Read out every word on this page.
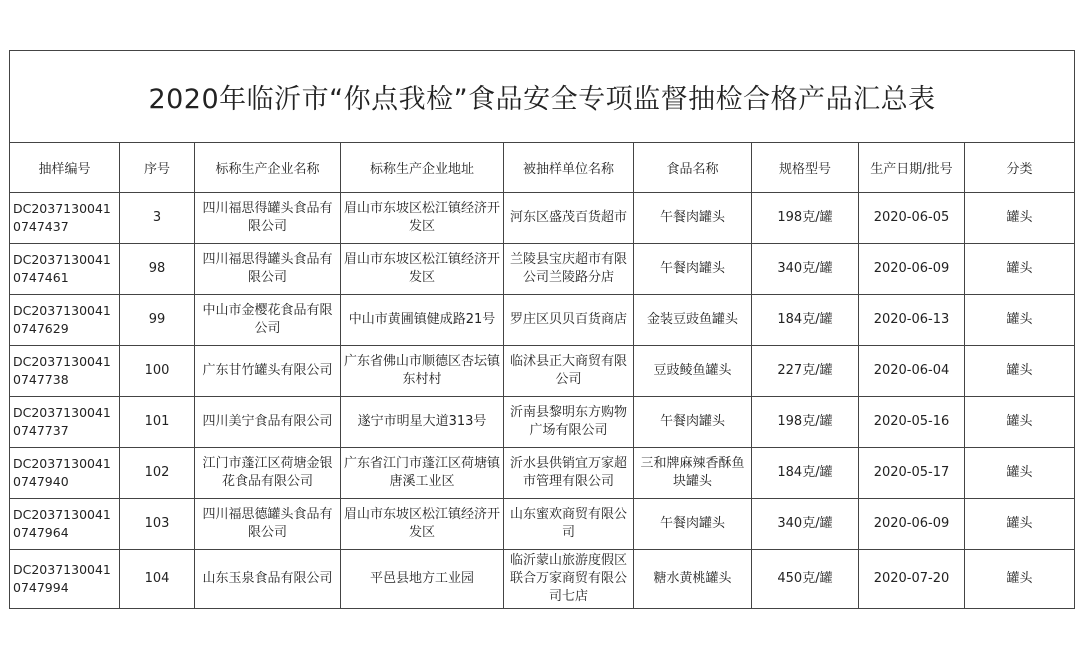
2020年临沂市“你点我检”食品安全专项监督抽检合格产品汇总表								
抽样编号	序号	标称生产企业名称	标称生产企业地址	被抽样单位名称	食品名称	规格型号	生产日期/批号	分类
DC20371300410747437	3	四川福思得罐头食品有限公司	眉山市东坡区松江镇经济开发区	河东区盛茂百货超市	午餐肉罐头	198克/罐	2020-06-05	罐头
DC20371300410747461	98	四川福思得罐头食品有限公司	眉山市东坡区松江镇经济开发区	兰陵县宝庆超市有限公司兰陵路分店	午餐肉罐头	340克/罐	2020-06-09	罐头
DC20371300410747629	99	中山市金樱花食品有限公司	中山市黄圃镇健成路21号	罗庄区贝贝百货商店	金装豆豉鱼罐头	184克/罐	2020-06-13	罐头
DC20371300410747738	100	广东甘竹罐头有限公司	广东省佛山市顺德区杏坛镇东村村	临沭县正大商贸有限公司	豆豉鲮鱼罐头	227克/罐	2020-06-04	罐头
DC20371300410747737	101	四川美宁食品有限公司	遂宁市明星大道313号	沂南县黎明东方购物广场有限公司	午餐肉罐头	198克/罐	2020-05-16	罐头
DC20371300410747940	102	江门市蓬江区荷塘金银花食品有限公司	广东省江门市蓬江区荷塘镇唐溪工业区	沂水县供销宜万家超市管理有限公司	三和牌麻辣香酥鱼块罐头	184克/罐	2020-05-17	罐头
DC20371300410747964	103	四川福思德罐头食品有限公司	眉山市东坡区松江镇经济开发区	山东蜜欢商贸有限公司	午餐肉罐头	340克/罐	2020-06-09	罐头
DC20371300410747994	104	山东玉泉食品有限公司	平邑县地方工业园	临沂蒙山旅游度假区联合万家商贸有限公司七店	糖水黄桃罐头	450克/罐	2020-07-20	罐头
